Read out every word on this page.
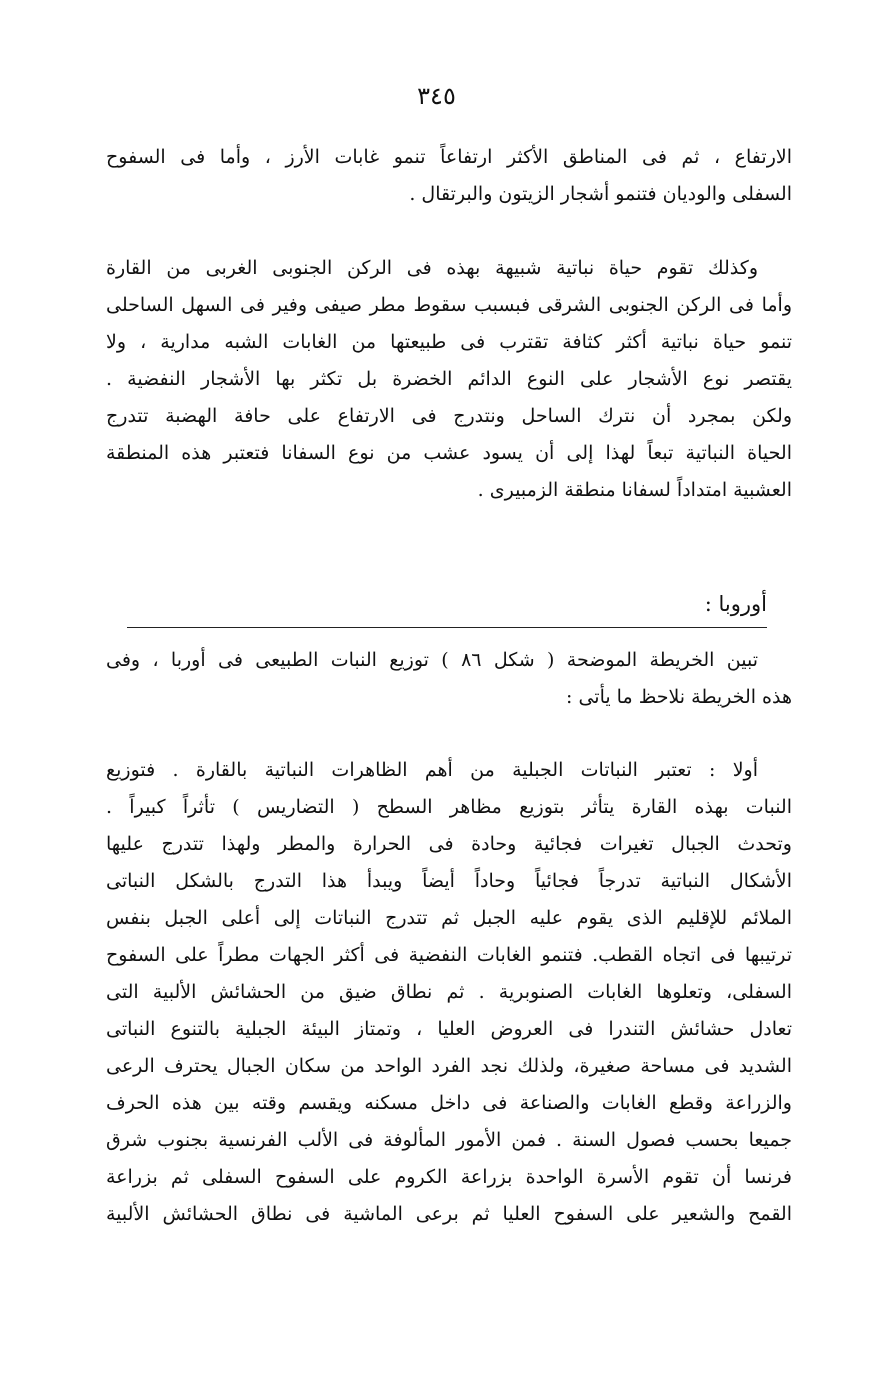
٣٤٥
الارتفاع ، ثم فى المناطق الأكثر ارتفاعاً تنمو غابات الأرز ، وأما فى السفوح
السفلى والوديان فتنمو أشجار الزيتون والبرتقال .
وكذلك تقوم حياة نباتية شبيهة بهذه فى الركن الجنوبى الغربى من القارة
وأما فى الركن الجنوبى الشرقى فبسبب سقوط مطر صيفى وفير فى السهل الساحلى
تنمو حياة نباتية أكثر كثافة تقترب فى طبيعتها من الغابات الشبه مدارية ، ولا
يقتصر نوع الأشجار على النوع الدائم الخضرة بل تكثر بها الأشجار النفضية .
ولكن بمجرد أن نترك الساحل ونتدرج فى الارتفاع على حافة الهضبة تتدرج
الحياة النباتية تبعاً لهذا إلى أن يسود عشب من نوع السفانا فتعتبر هذه المنطقة
العشبية امتداداً لسفانا منطقة الزمبيرى .
أوروبا :
تبين الخريطة الموضحة ( شكل ٨٦ ) توزيع النبات الطبيعى فى أوربا ، وفى
هذه الخريطة نلاحظ ما يأتى :
أولا : تعتبر النباتات الجبلية من أهم الظاهرات النباتية بالقارة . فتوزيع
النبات بهذه القارة يتأثر بتوزيع مظاهر السطح ( التضاريس ) تأثراً كبيراً .
وتحدث الجبال تغيرات فجائية وحادة فى الحرارة والمطر ولهذا تتدرج عليها
الأشكال النباتية تدرجاً فجائياً وحاداً أيضاً ويبدأ هذا التدرج بالشكل النباتى
الملائم للإقليم الذى يقوم عليه الجبل ثم تتدرج النباتات إلى أعلى الجبل بنفس
ترتيبها فى اتجاه القطب. فتنمو الغابات النفضية فى أكثر الجهات مطراً على السفوح
السفلى، وتعلوها الغابات الصنوبرية . ثم نطاق ضيق من الحشائش الألبية التى
تعادل حشائش التندرا فى العروض العليا ، وتمتاز البيئة الجبلية بالتنوع النباتى
الشديد فى مساحة صغيرة، ولذلك نجد الفرد الواحد من سكان الجبال يحترف الرعى
والزراعة وقطع الغابات والصناعة فى داخل مسكنه ويقسم وقته بين هذه الحرف
جميعا بحسب فصول السنة . فمن الأمور المألوفة فى الألب الفرنسية بجنوب شرق
فرنسا أن تقوم الأسرة الواحدة بزراعة الكروم على السفوح السفلى ثم بزراعة
القمح والشعير على السفوح العليا ثم برعى الماشية فى نطاق الحشائش الألبية
